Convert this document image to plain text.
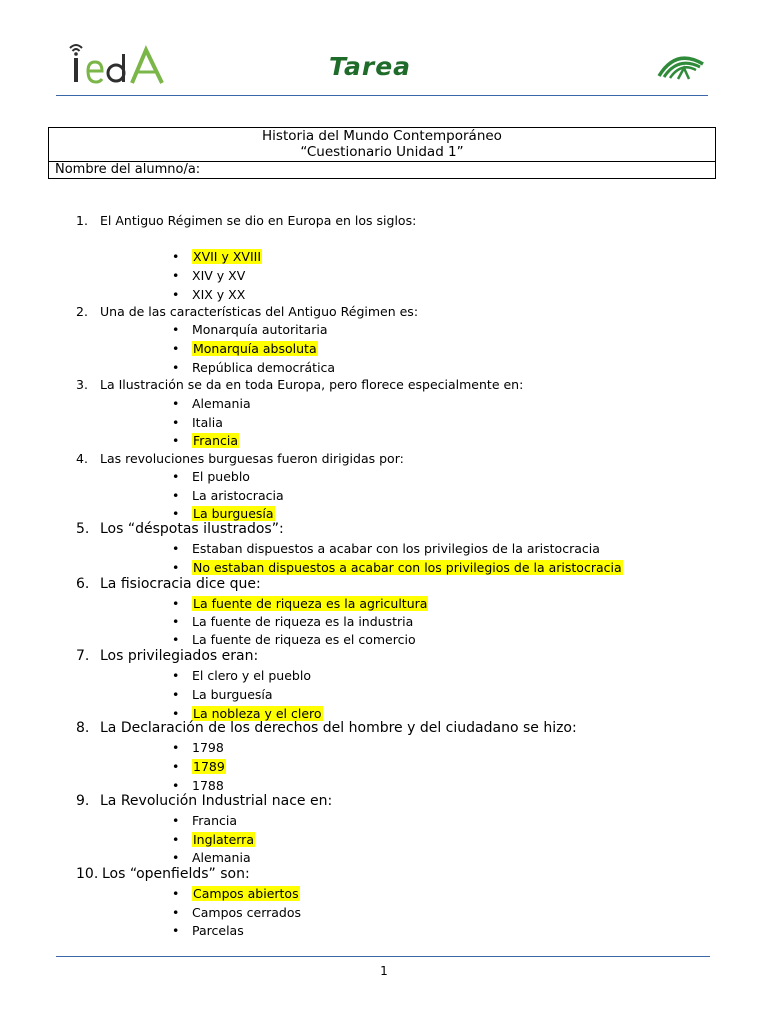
Tarea
Historia del Mundo Contemporáneo
“Cuestionario Unidad 1”
Nombre del alumno/a:
1. El Antiguo Régimen se dio en Europa en los siglos:
• XVII y XVIII
• XIV y XV
• XIX y XX
2. Una de las características del Antiguo Régimen es:
• Monarquía autoritaria
• Monarquía absoluta
• República democrática
3. La Ilustración se da en toda Europa, pero florece especialmente en:
• Alemania
• Italia
• Francia
4. Las revoluciones burguesas fueron dirigidas por:
• El pueblo
• La aristocracia
• La burguesía
5. Los “déspotas ilustrados”:
• Estaban dispuestos a acabar con los privilegios de la aristocracia
• No estaban dispuestos a acabar con los privilegios de la aristocracia
6. La fisiocracia dice que:
• La fuente de riqueza es la agricultura
• La fuente de riqueza es la industria
• La fuente de riqueza es el comercio
7. Los privilegiados eran:
• El clero y el pueblo
• La burguesía
• La nobleza y el clero
8. La Declaración de los derechos del hombre y del ciudadano se hizo:
• 1798
• 1789
• 1788
9. La Revolución Industrial nace en:
• Francia
• Inglaterra
• Alemania
10. Los “openfields” son:
• Campos abiertos
• Campos cerrados
• Parcelas
1
